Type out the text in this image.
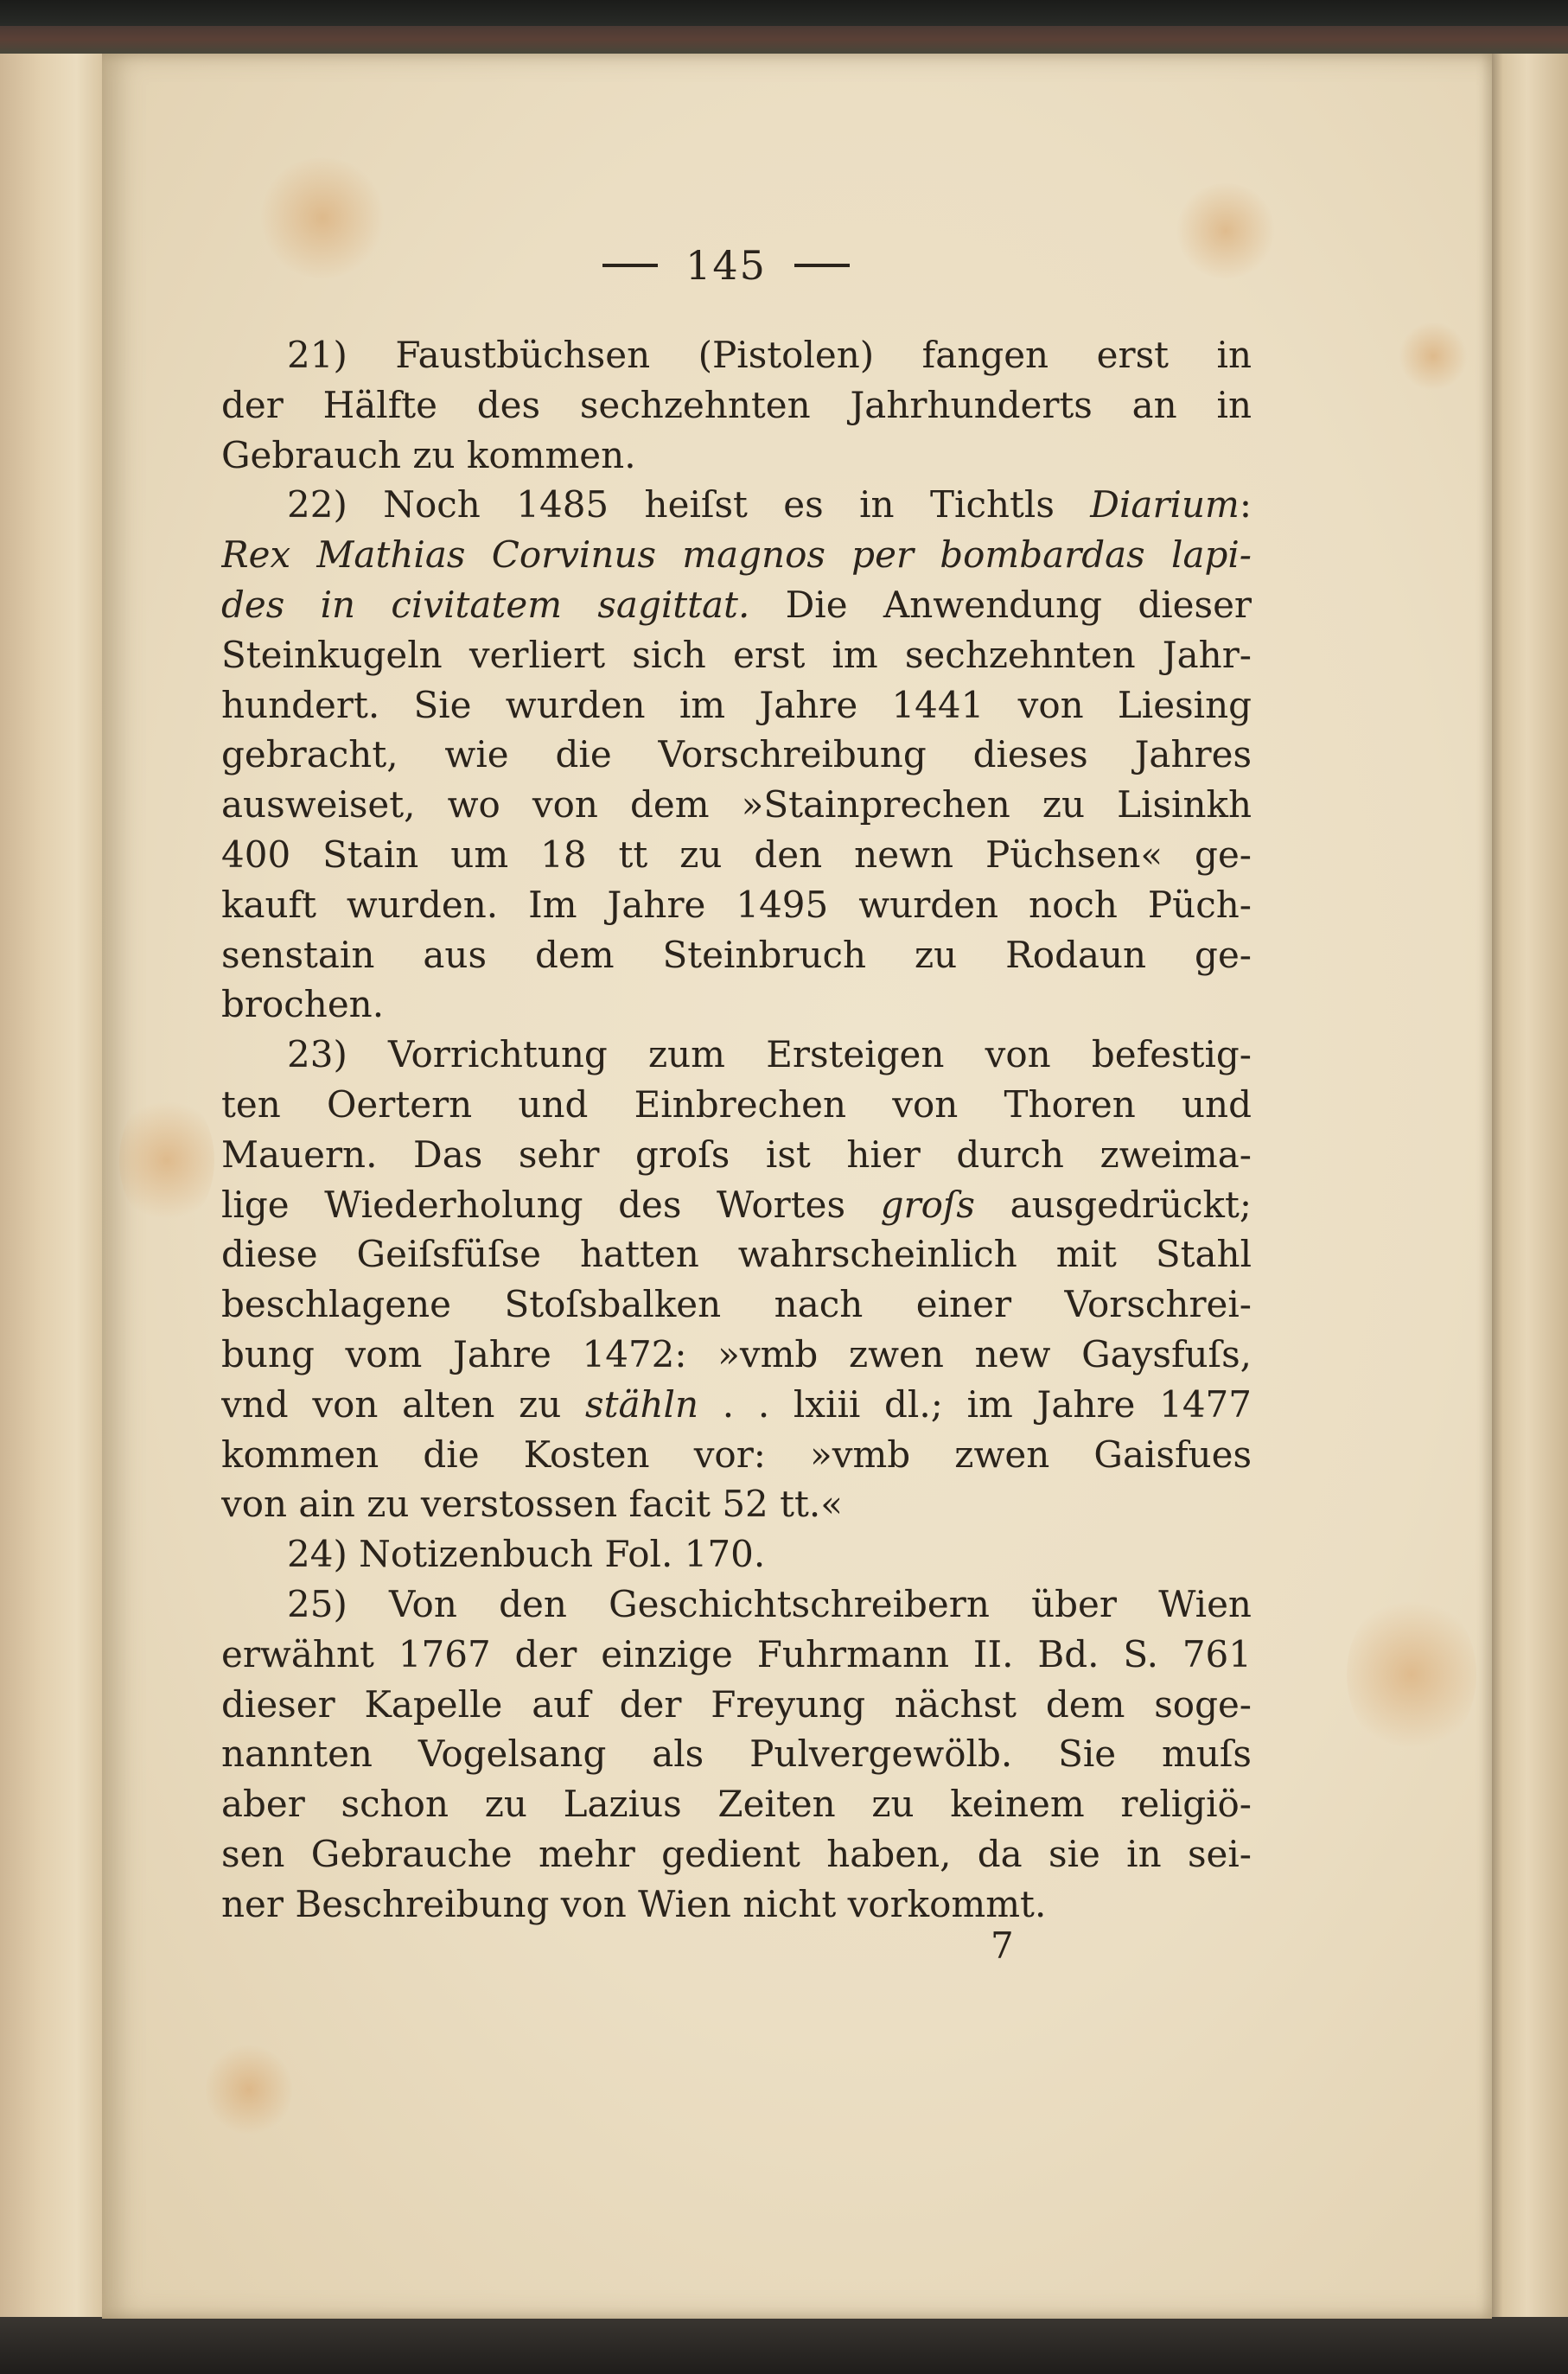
145
21) Faustbüchsen (Pistolen) fangen erst in
der Hälfte des sechzehnten Jahrhunderts an in
Gebrauch zu kommen.
22) Noch 1485 heiſst es in Tichtls Diarium:
Rex Mathias Corvinus magnos per bombardas lapi-
des in civitatem sagittat. Die Anwendung dieser
Steinkugeln verliert sich erst im sechzehnten Jahr-
hundert. Sie wurden im Jahre 1441 von Liesing
gebracht, wie die Vorschreibung dieses Jahres
ausweiset, wo von dem »Stainprechen zu Lisinkh
400 Stain um 18 tt zu den newn Püchsen« ge-
kauft wurden. Im Jahre 1495 wurden noch Püch-
senstain aus dem Steinbruch zu Rodaun ge-
brochen.
23) Vorrichtung zum Ersteigen von befestig-
ten Oertern und Einbrechen von Thoren und
Mauern. Das sehr groſs ist hier durch zweima-
lige Wiederholung des Wortes groſs ausgedrückt;
diese Geiſsfüſse hatten wahrscheinlich mit Stahl
beschlagene Stoſsbalken nach einer Vorschrei-
bung vom Jahre 1472: »vmb zwen new Gaysfuſs,
vnd von alten zu stähln . . lxiii dl.; im Jahre 1477
kommen die Kosten vor: »vmb zwen Gaisfues
von ain zu verstossen facit 52 tt.«
24) Notizenbuch Fol. 170.
25) Von den Geschichtschreibern über Wien
erwähnt 1767 der einzige Fuhrmann II. Bd. S. 761
dieser Kapelle auf der Freyung nächst dem soge-
nannten Vogelsang als Pulvergewölb. Sie muſs
aber schon zu Lazius Zeiten zu keinem religiö-
sen Gebrauche mehr gedient haben, da sie in sei-
ner Beschreibung von Wien nicht vorkommt.
7
